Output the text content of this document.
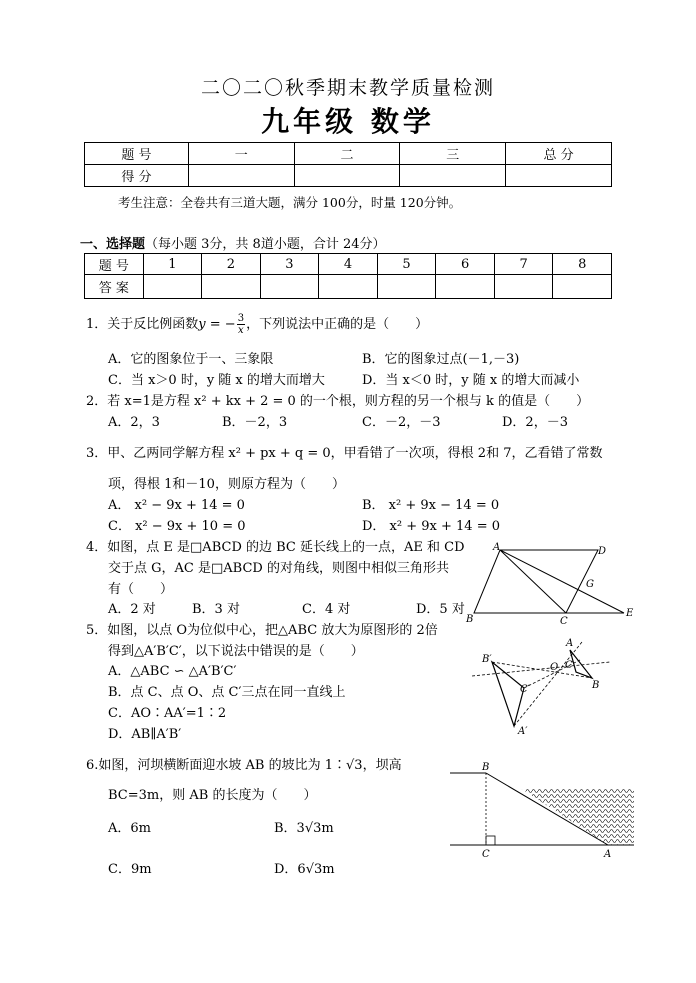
二〇二〇秋季期末教学质量检测
九年级 数学
题 号	一	二	三	总 分
得 分				
考生注意：全卷共有三道大题，满分 100分，时量 120分钟。
一、选择题（每小题 3分，共 8道小题，合计 24分）
题 号	1	2	3	4	5	6	7	8
答 案								
1．关于反比例函数y = − $\frac{3}{x}$ ，下列说法中正确的是（　　）
A．它的图象位于一、三象限	B．它的图象过点(－1,－3)
C．当 x＞0 时，y 随 x 的增大而增大	D．当 x＜0 时，y 随 x 的增大而减小
2．若 x=1是方程 x² + kx + 2 = 0 的一个根，则方程的另一个根与 k 的值是（　　）
A．2，3	B．－2，3	C．－2，－3	D．2，－3
3．甲、乙两同学解方程 x² + px + q = 0，甲看错了一次项，得根 2和 7，乙看错了常数
项，得根 1和－10，则原方程为（　　）
A． x² − 9x + 14 = 0	B． x² + 9x − 14 = 0
C． x² − 9x + 10 = 0	D． x² + 9x + 14 = 0
4．如图，点 E 是□ABCD 的边 BC 延长线上的一点，AE 和 CD
交于点 G，AC 是□ABCD 的对角线，则图中相似三角形共
有（　　）
A．2 对	B．3 对	C．4 对	D．5 对
A	D
G
B	C
E
5．如图，以点 O为位似中心，把△ABC 放大为原图形的 2倍
得到△A′B′C′，以下说法中错误的是（　　）
A．△ABC ∽ △A′B′C′
B．点 C、点 O、点 C′三点在同一直线上
C．AO∶AA′=1∶2
D．AB∥A′B′
B′
O C
A
B
C′
A′
6.如图，河坝横断面迎水坡 AB 的坡比为 1∶√3，坝高
BC=3m，则 AB 的长度为（　　）
A．6m	B．3√3m
C．9m	D．6√3m
B
C	A
